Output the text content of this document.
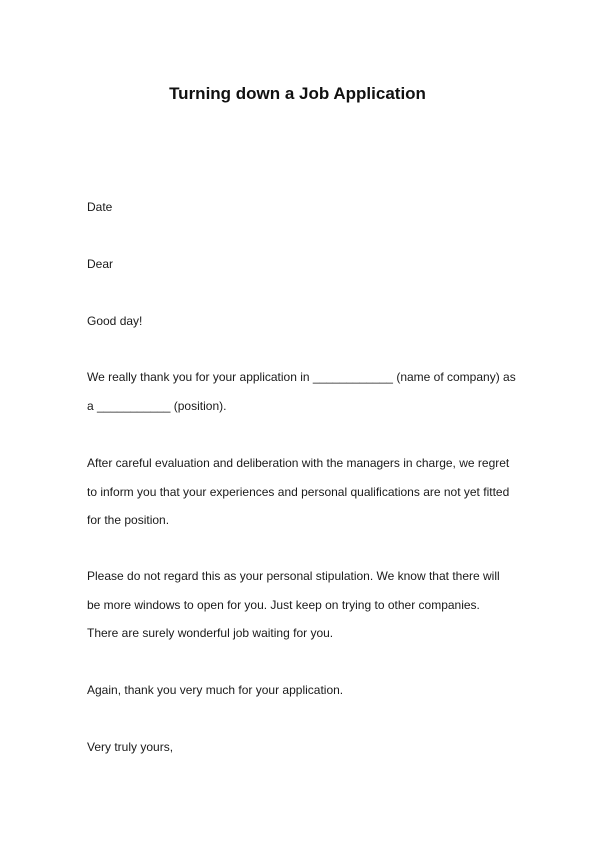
Turning down a Job Application

Date

Dear

Good day!

We really thank you for your application in ____________ (name of company) as

a ___________ (position).

After careful evaluation and deliberation with the managers in charge, we regret

to inform you that your experiences and personal qualifications are not yet fitted

for the position.

Please do not regard this as your personal stipulation. We know that there will

be more windows to open for you. Just keep on trying to other companies.

There are surely wonderful job waiting for you.

Again, thank you very much for your application.

Very truly yours,
